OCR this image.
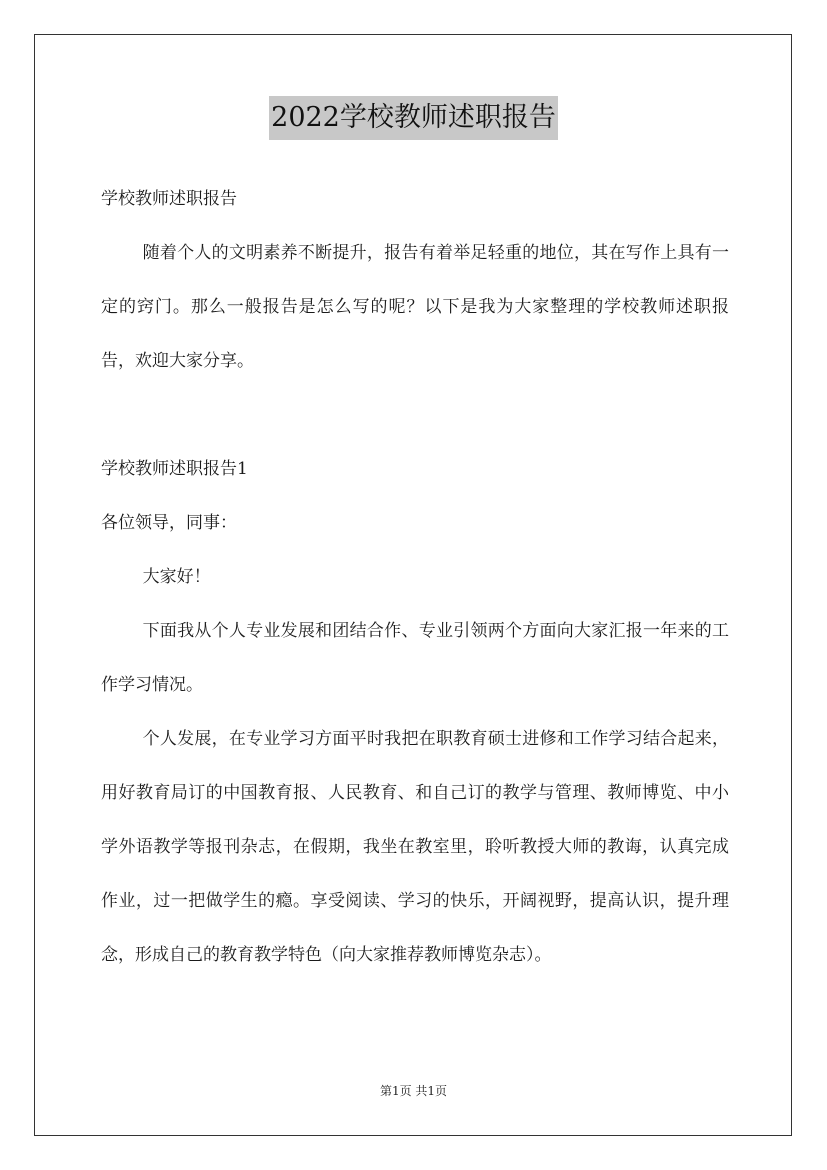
2022学校教师述职报告

学校教师述职报告

随着个人的文明素养不断提升，报告有着举足轻重的地位，其在写作上具有一定的窍门。那么一般报告是怎么写的呢？以下是我为大家整理的学校教师述职报告，欢迎大家分享。

学校教师述职报告1

各位领导，同事：

大家好！

下面我从个人专业发展和团结合作、专业引领两个方面向大家汇报一年来的工作学习情况。

个人发展，在专业学习方面平时我把在职教育硕士进修和工作学习结合起来，用好教育局订的中国教育报、人民教育、和自己订的教学与管理、教师博览、中小学外语教学等报刊杂志，在假期，我坐在教室里，聆听教授大师的教诲，认真完成作业，过一把做学生的瘾。享受阅读、学习的快乐，开阔视野，提高认识，提升理念，形成自己的教育教学特色（向大家推荐教师博览杂志）。

第1页 共1页
